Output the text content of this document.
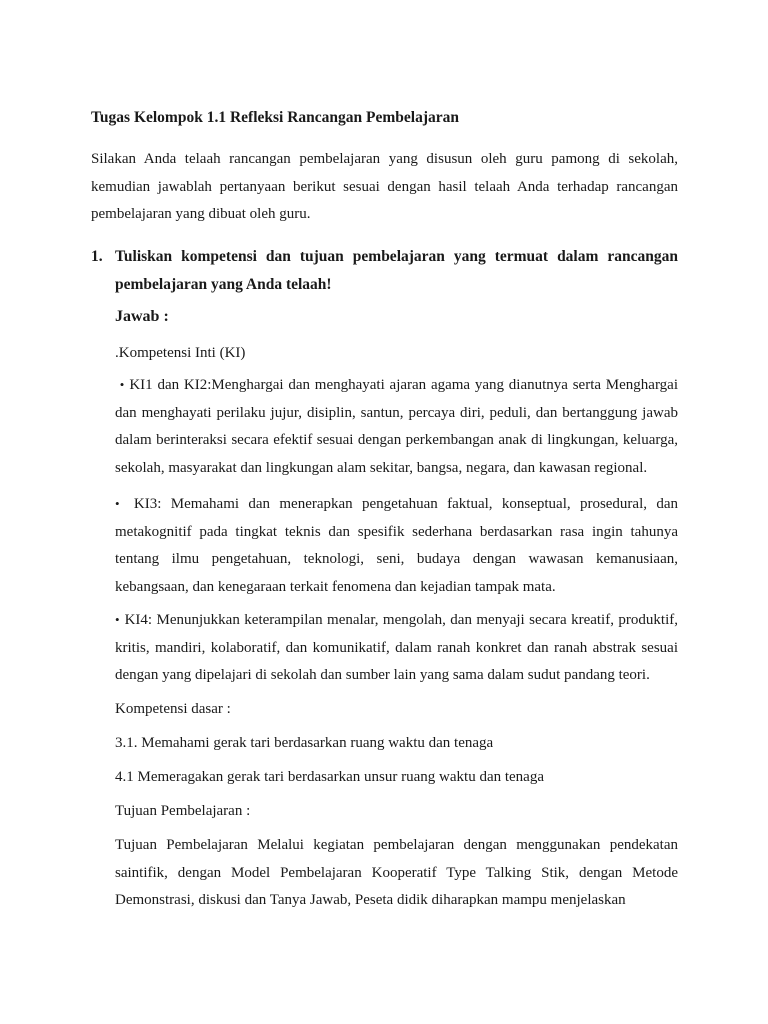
Tugas Kelompok 1.1 Refleksi Rancangan Pembelajaran

Silakan Anda telaah rancangan pembelajaran yang disusun oleh guru pamong di sekolah, kemudian jawablah pertanyaan berikut sesuai dengan hasil telaah Anda terhadap rancangan pembelajaran yang dibuat oleh guru.

1. Tuliskan kompetensi dan tujuan pembelajaran yang termuat dalam rancangan pembelajaran yang Anda telaah!

Jawab :

.Kompetensi Inti (KI)

• KI1 dan KI2:Menghargai dan menghayati ajaran agama yang dianutnya serta Menghargai dan menghayati perilaku jujur, disiplin, santun, percaya diri, peduli, dan bertanggung jawab dalam berinteraksi secara efektif sesuai dengan perkembangan anak di lingkungan, keluarga, sekolah, masyarakat dan lingkungan alam sekitar, bangsa, negara, dan kawasan regional.

• KI3: Memahami dan menerapkan pengetahuan faktual, konseptual, prosedural, dan metakognitif pada tingkat teknis dan spesifik sederhana berdasarkan rasa ingin tahunya tentang ilmu pengetahuan, teknologi, seni, budaya dengan wawasan kemanusiaan, kebangsaan, dan kenegaraan terkait fenomena dan kejadian tampak mata.

• KI4: Menunjukkan keterampilan menalar, mengolah, dan menyaji secara kreatif, produktif, kritis, mandiri, kolaboratif, dan komunikatif, dalam ranah konkret dan ranah abstrak sesuai dengan yang dipelajari di sekolah dan sumber lain yang sama dalam sudut pandang teori.

Kompetensi dasar :

3.1. Memahami gerak tari berdasarkan ruang waktu dan tenaga

4.1 Memeragakan gerak tari berdasarkan unsur ruang waktu dan tenaga

Tujuan Pembelajaran :

Tujuan Pembelajaran Melalui kegiatan pembelajaran dengan menggunakan pendekatan saintifik, dengan Model Pembelajaran Kooperatif Type Talking Stik, dengan Metode Demonstrasi, diskusi dan Tanya Jawab, Peseta didik diharapkan mampu menjelaskan
